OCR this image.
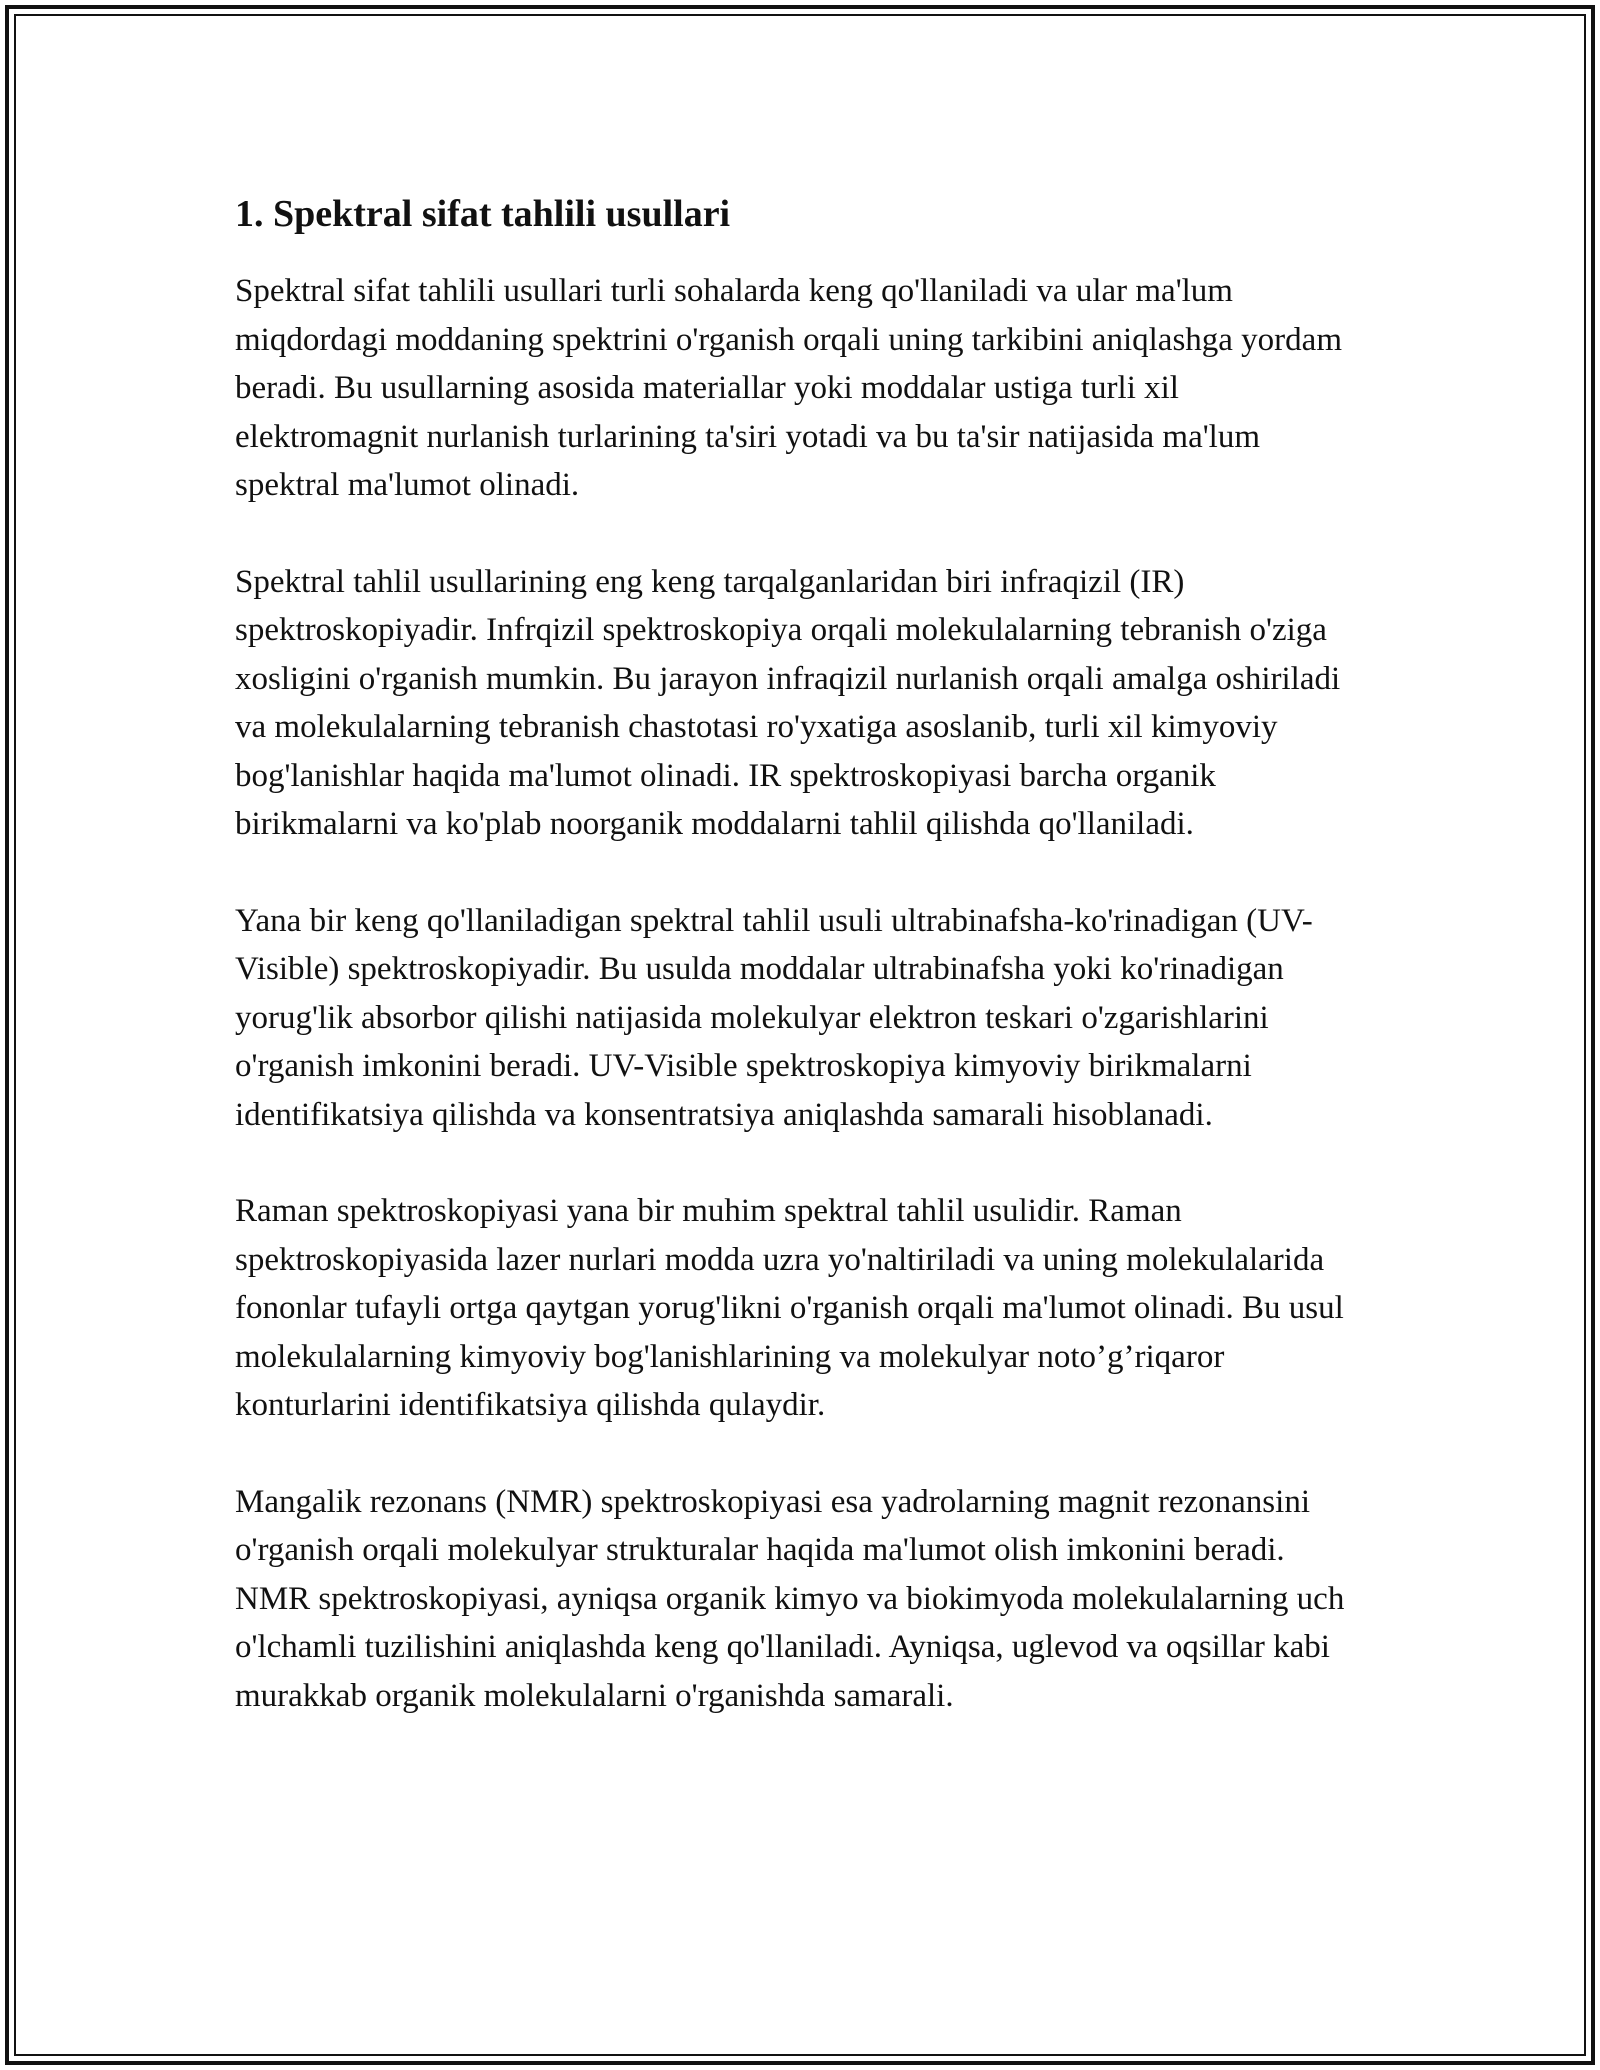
1. Spektral sifat tahlili usullari

Spektral sifat tahlili usullari turli sohalarda keng qo'llaniladi va ular ma'lum miqdordagi moddaning spektrini o'rganish orqali uning tarkibini aniqlashga yordam beradi. Bu usullarning asosida materiallar yoki moddalar ustiga turli xil elektromagnit nurlanish turlarining ta'siri yotadi va bu ta'sir natijasida ma'lum spektral ma'lumot olinadi.

Spektral tahlil usullarining eng keng tarqalganlaridan biri infraqizil (IR) spektroskopiyadir. Infrqizil spektroskopiya orqali molekulalarning tebranish o'ziga xosligini o'rganish mumkin. Bu jarayon infraqizil nurlanish orqali amalga oshiriladi va molekulalarning tebranish chastotasi ro'yxatiga asoslanib, turli xil kimyoviy bog'lanishlar haqida ma'lumot olinadi. IR spektroskopiyasi barcha organik birikmalarni va ko'plab noorganik moddalarni tahlil qilishda qo'llaniladi.

Yana bir keng qo'llaniladigan spektral tahlil usuli ultrabinafsha-ko'rinadigan (UV-Visible) spektroskopiyadir. Bu usulda moddalar ultrabinafsha yoki ko'rinadigan yorug'lik absorbor qilishi natijasida molekulyar elektron teskari o'zgarishlarini o'rganish imkonini beradi. UV-Visible spektroskopiya kimyoviy birikmalarni identifikatsiya qilishda va konsentratsiya aniqlashda samarali hisoblanadi.

Raman spektroskopiyasi yana bir muhim spektral tahlil usulidir. Raman spektroskopiyasida lazer nurlari modda uzra yo'naltiriladi va uning molekulalarida fononlar tufayli ortga qaytgan yorug'likni o'rganish orqali ma'lumot olinadi. Bu usul molekulalarning kimyoviy bog'lanishlarining va molekulyar noto’g’riqaror konturlarini identifikatsiya qilishda qulaydir.

Mangalik rezonans (NMR) spektroskopiyasi esa yadrolarning magnit rezonansini o'rganish orqali molekulyar strukturalar haqida ma'lumot olish imkonini beradi. NMR spektroskopiyasi, ayniqsa organik kimyo va biokimyoda molekulalarning uch o'lchamli tuzilishini aniqlashda keng qo'llaniladi. Ayniqsa, uglevod va oqsillar kabi murakkab organik molekulalarni o'rganishda samarali.
